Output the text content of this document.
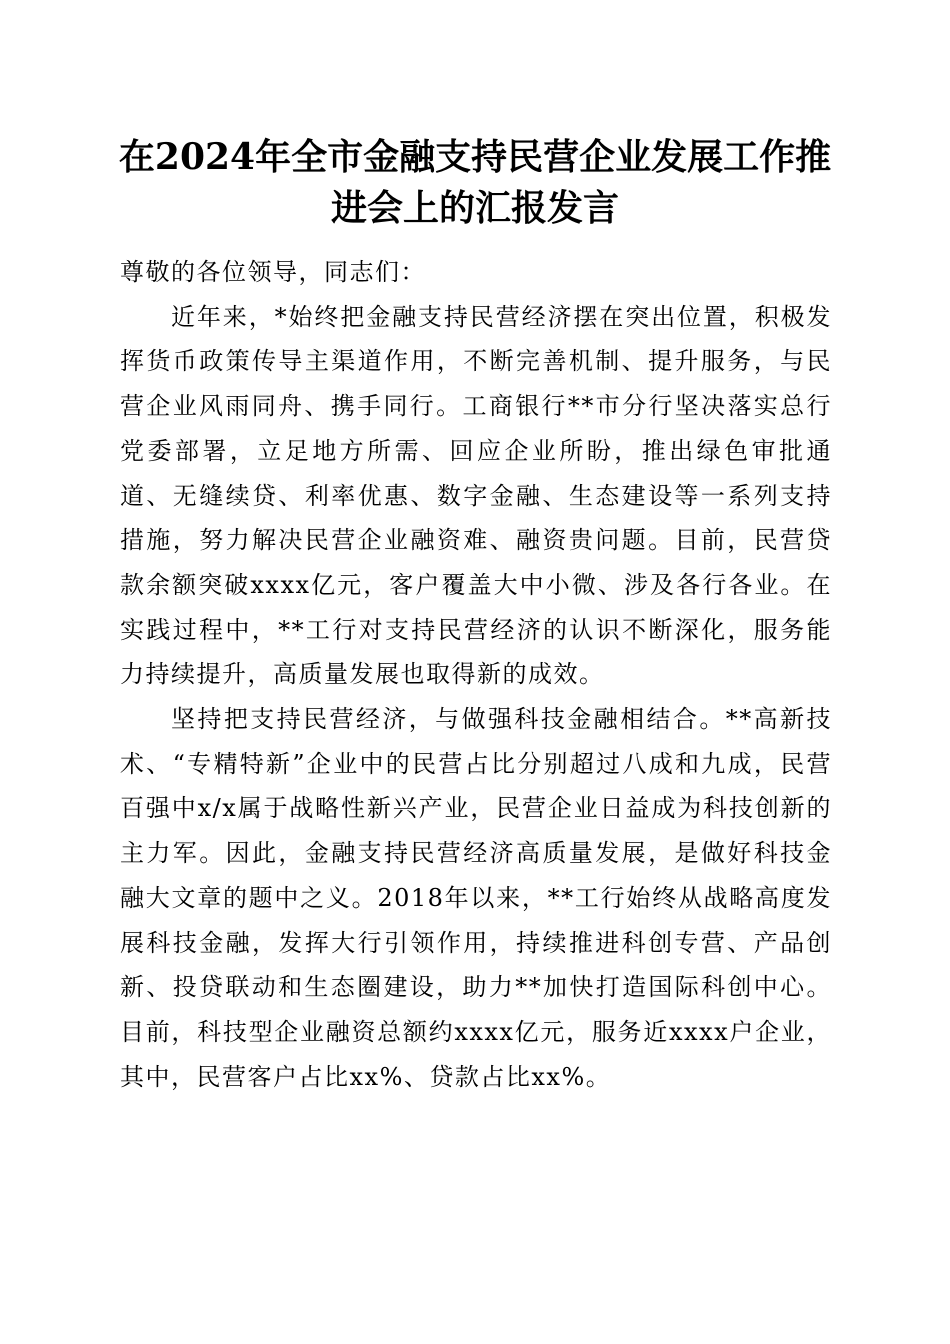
在2024年全市金融支持民营企业发展工作推
进会上的汇报发言

尊敬的各位领导，同志们：

近年来，*始终把金融支持民营经济摆在突出位置，积极发挥货币政策传导主渠道作用，不断完善机制、提升服务，与民营企业风雨同舟、携手同行。工商银行**市分行坚决落实总行党委部署，立足地方所需、回应企业所盼，推出绿色审批通道、无缝续贷、利率优惠、数字金融、生态建设等一系列支持措施，努力解决民营企业融资难、融资贵问题。目前，民营贷款余额突破xxxx亿元，客户覆盖大中小微、涉及各行各业。在实践过程中，**工行对支持民营经济的认识不断深化，服务能力持续提升，高质量发展也取得新的成效。

坚持把支持民营经济，与做强科技金融相结合。**高新技术、“专精特新”企业中的民营占比分别超过八成和九成，民营百强中x/x属于战略性新兴产业，民营企业日益成为科技创新的主力军。因此，金融支持民营经济高质量发展，是做好科技金融大文章的题中之义。2018年以来，**工行始终从战略高度发展科技金融，发挥大行引领作用，持续推进科创专营、产品创新、投贷联动和生态圈建设，助力**加快打造国际科创中心。目前，科技型企业融资总额约xxxx亿元，服务近xxxx户企业，其中，民营客户占比xx%、贷款占比xx%。
